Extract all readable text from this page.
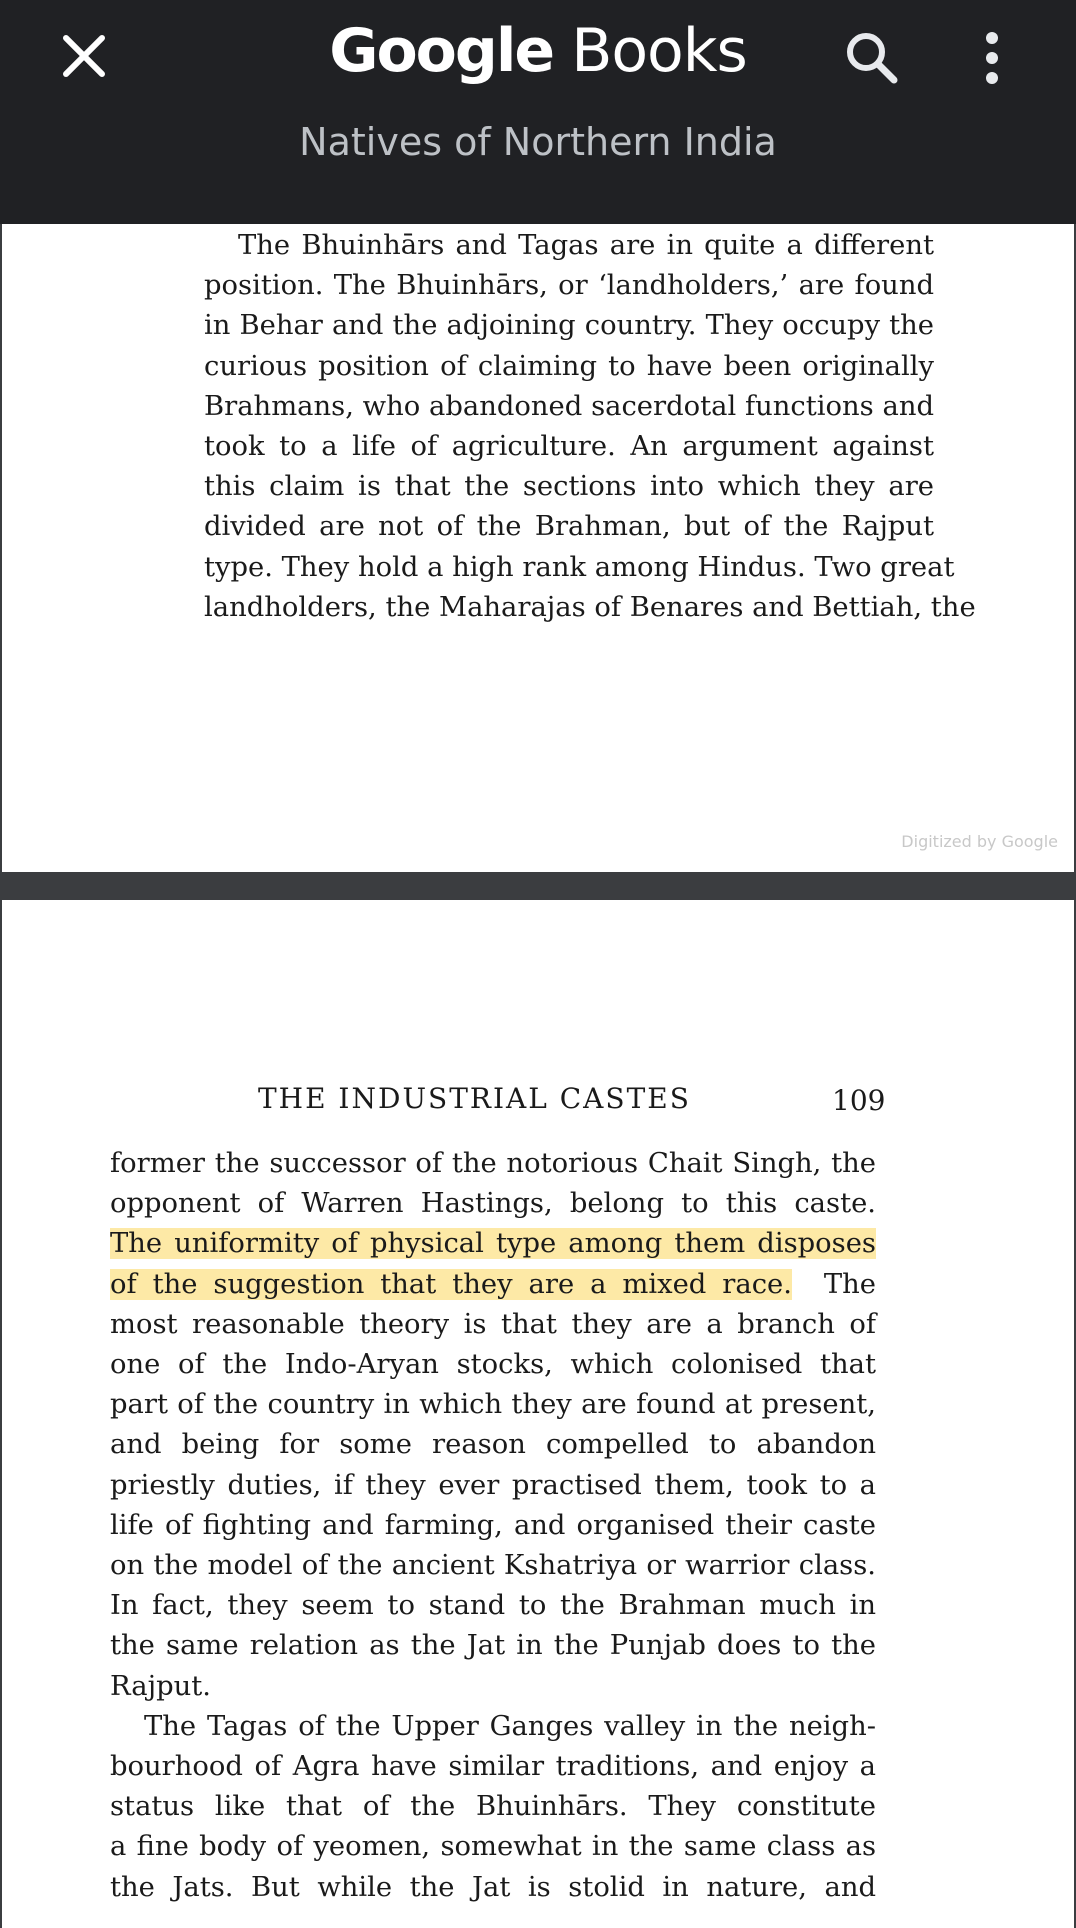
Google Books
Natives of Northern India
The Bhuinhārs and Tagas are in quite a different
position. The Bhuinhārs, or ‘landholders,’ are found
in Behar and the adjoining country. They occupy the
curious position of claiming to have been originally
Brahmans, who abandoned sacerdotal functions and
took to a life of agriculture. An argument against
this claim is that the sections into which they are
divided are not of the Brahman, but of the Rajput
type. They hold a high rank among Hindus. Two great
landholders, the Maharajas of Benares and Bettiah, the
Digitized by Google
THE INDUSTRIAL CASTES	109
former the successor of the notorious Chait Singh, the
opponent of Warren Hastings, belong to this caste.
The uniformity of physical type among them disposes
of the suggestion that they are a mixed race. The
most reasonable theory is that they are a branch of
one of the Indo-Aryan stocks, which colonised that
part of the country in which they are found at present,
and being for some reason compelled to abandon
priestly duties, if they ever practised them, took to a
life of fighting and farming, and organised their caste
on the model of the ancient Kshatriya or warrior class.
In fact, they seem to stand to the Brahman much in
the same relation as the Jat in the Punjab does to the
Rajput.
The Tagas of the Upper Ganges valley in the neigh-
bourhood of Agra have similar traditions, and enjoy a
status like that of the Bhuinhārs. They constitute
a fine body of yeomen, somewhat in the same class as
the Jats. But while the Jat is stolid in nature, and
